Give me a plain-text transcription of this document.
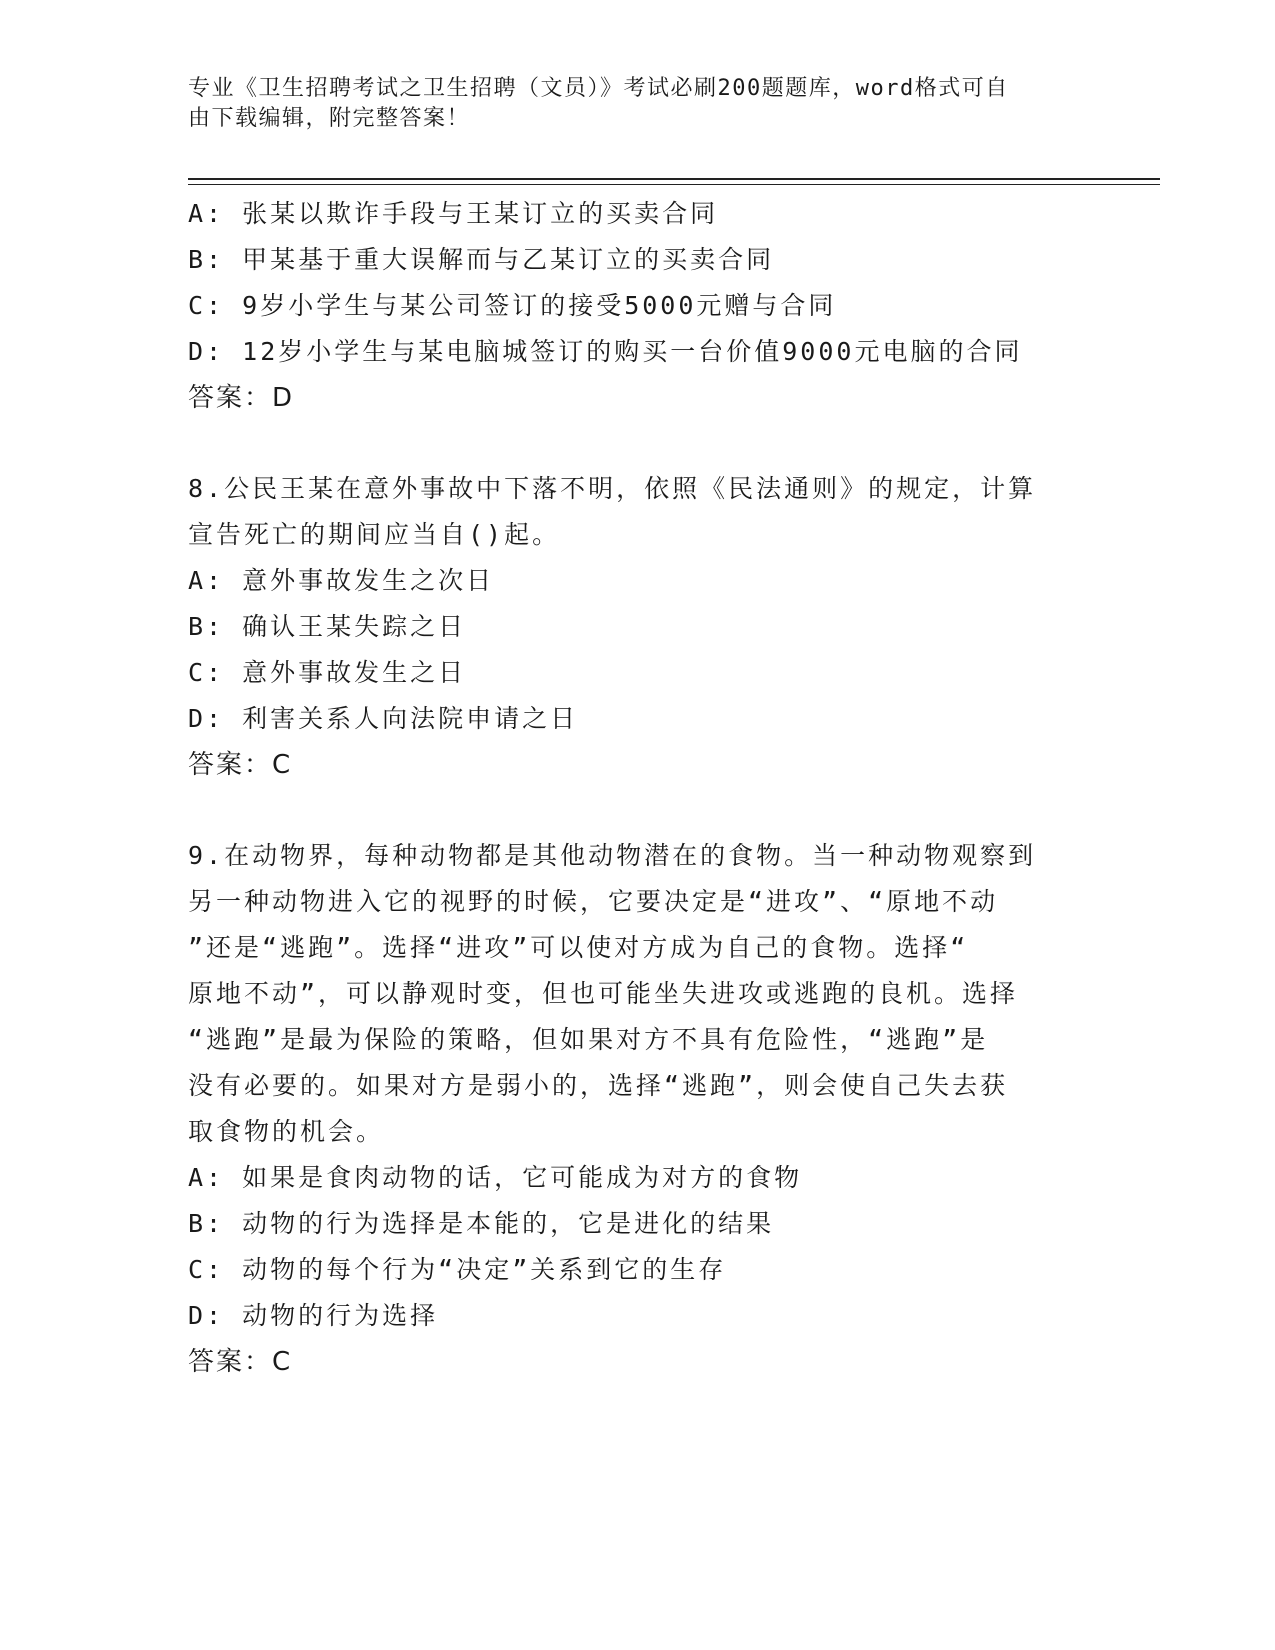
专业《卫生招聘考试之卫生招聘（文员）》考试必刷200题题库，word格式可自
由下载编辑，附完整答案！
A: 张某以欺诈手段与王某订立的买卖合同
B: 甲某基于重大误解而与乙某订立的买卖合同
C: 9岁小学生与某公司签订的接受5000元赠与合同
D: 12岁小学生与某电脑城签订的购买一台价值9000元电脑的合同
答案：D
8.公民王某在意外事故中下落不明，依照《民法通则》的规定，计算
宣告死亡的期间应当自()起。
A: 意外事故发生之次日
B: 确认王某失踪之日
C: 意外事故发生之日
D: 利害关系人向法院申请之日
答案：C
9.在动物界，每种动物都是其他动物潜在的食物。当一种动物观察到
另一种动物进入它的视野的时候，它要决定是“进攻”、“原地不动
”还是“逃跑”。选择“进攻”可以使对方成为自己的食物。选择“
原地不动”，可以静观时变，但也可能坐失进攻或逃跑的良机。选择
“逃跑”是最为保险的策略，但如果对方不具有危险性，“逃跑”是
没有必要的。如果对方是弱小的，选择“逃跑”，则会使自己失去获
取食物的机会。
A: 如果是食肉动物的话，它可能成为对方的食物
B: 动物的行为选择是本能的，它是进化的结果
C: 动物的每个行为“决定”关系到它的生存
D: 动物的行为选择
答案：C
